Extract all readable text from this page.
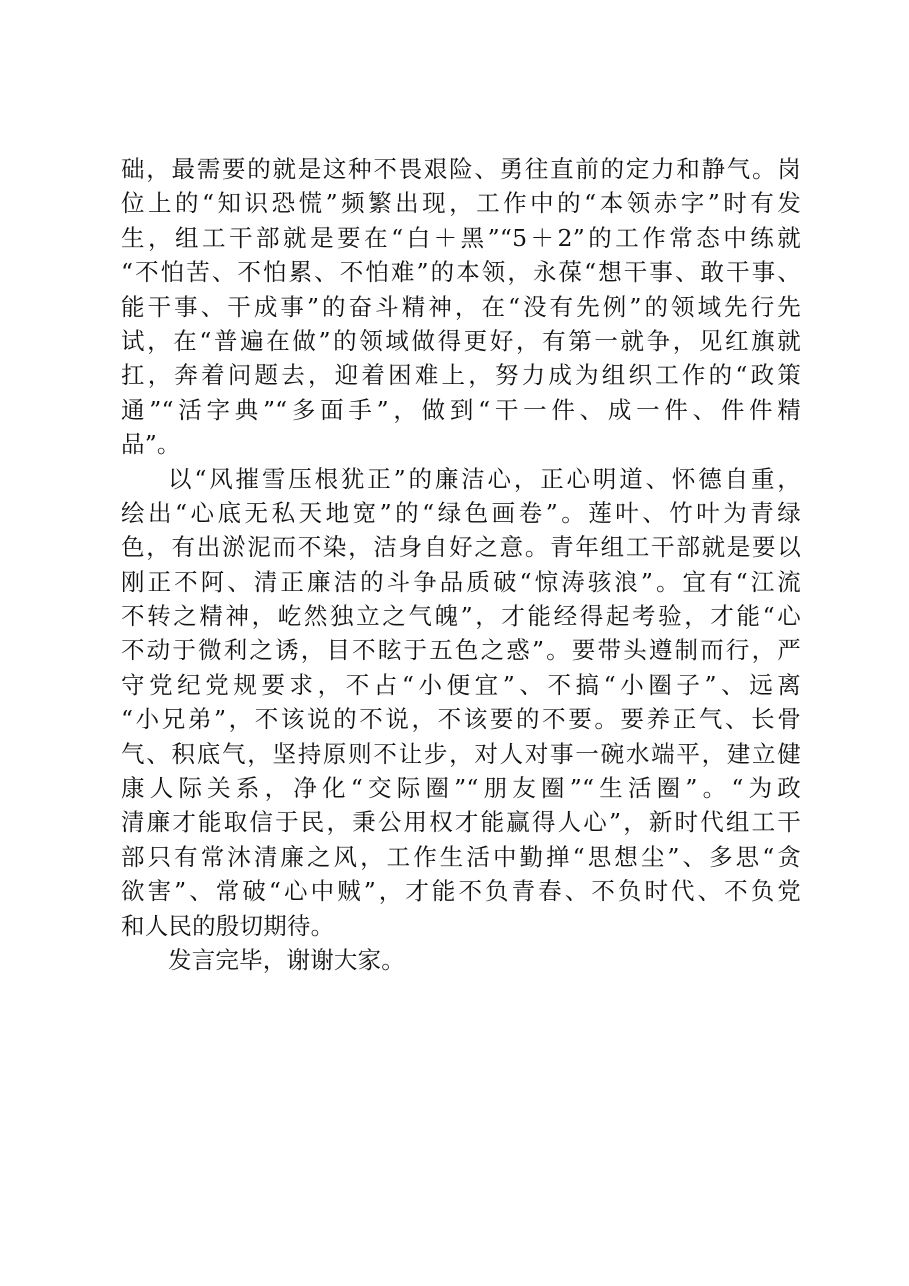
础，最需要的就是这种不畏艰险、勇往直前的定力和静气。岗
位上的“知识恐慌”频繁出现，工作中的“本领赤字”时有发
生，组工干部就是要在“白＋黑”“5＋2”的工作常态中练就
“不怕苦、不怕累、不怕难”的本领，永葆“想干事、敢干事、
能干事、干成事”的奋斗精神，在“没有先例”的领域先行先
试，在“普遍在做”的领域做得更好，有第一就争，见红旗就
扛，奔着问题去，迎着困难上，努力成为组织工作的“政策
通”“活字典”“多面手”，做到“干一件、成一件、件件精
品”。
以“风摧雪压根犹正”的廉洁心，正心明道、怀德自重，
绘出“心底无私天地宽”的“绿色画卷”。莲叶、竹叶为青绿
色，有出淤泥而不染，洁身自好之意。青年组工干部就是要以
刚正不阿、清正廉洁的斗争品质破“惊涛骇浪”。宜有“江流
不转之精神，屹然独立之气魄”，才能经得起考验，才能“心
不动于微利之诱，目不眩于五色之惑”。要带头遵制而行，严
守党纪党规要求，不占“小便宜”、不搞“小圈子”、远离
“小兄弟”，不该说的不说，不该要的不要。要养正气、长骨
气、积底气，坚持原则不让步，对人对事一碗水端平，建立健
康人际关系，净化“交际圈”“朋友圈”“生活圈”。“为政
清廉才能取信于民，秉公用权才能赢得人心”，新时代组工干
部只有常沐清廉之风，工作生活中勤掸“思想尘”、多思“贪
欲害”、常破“心中贼”，才能不负青春、不负时代、不负党
和人民的殷切期待。
发言完毕，谢谢大家。
